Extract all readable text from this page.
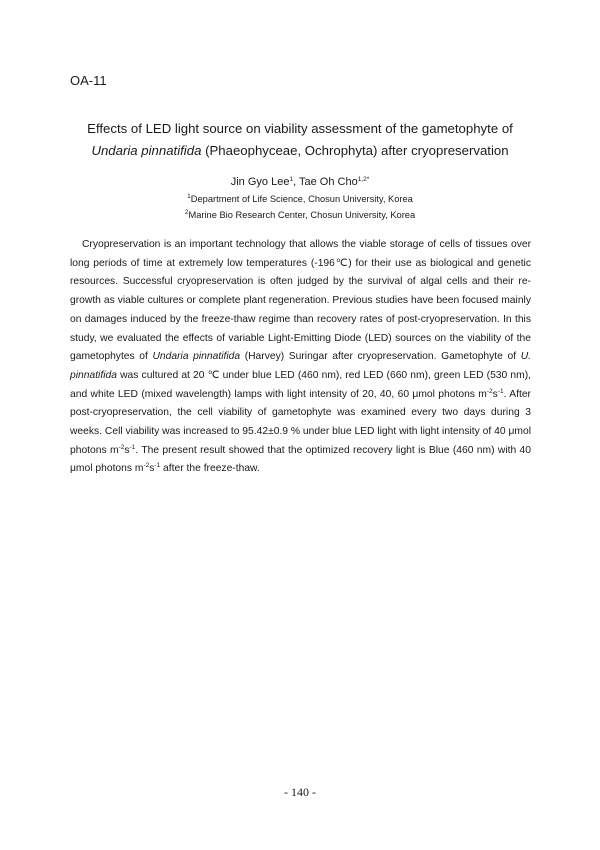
OA-11
Effects of LED light source on viability assessment of the gametophyte of
Undaria pinnatifida (Phaeophyceae, Ochrophyta) after cryopreservation
Jin Gyo Lee$^1$, Tae Oh Cho$^{1,2*}$
$^1$Department of Life Science, Chosun University, Korea
$^2$Marine Bio Research Center, Chosun University, Korea

Cryopreservation is an important technology that allows the viable storage of cells of tissues over long periods of time at extremely low temperatures (-196℃) for their use as biological and genetic resources. Successful cryopreservation is often judged by the survival of algal cells and their re-growth as viable cultures or complete plant regeneration. Previous studies have been focused mainly on damages induced by the freeze-thaw regime than recovery rates of post-cryopreservation. In this study, we evaluated the effects of variable Light-Emitting Diode (LED) sources on the viability of the gametophytes of Undaria pinnatifida (Harvey) Suringar after cryopreservation. Gametophyte of U. pinnatifida was cultured at 20 ℃ under blue LED (460 nm), red LED (660 nm), green LED (530 nm), and white LED (mixed wavelength) lamps with light intensity of 20, 40, 60 μmol photons $m^{-2}s^{-1}$. After post-cryopreservation, the cell viability of gametophyte was examined every two days during 3 weeks. Cell viability was increased to 95.42±0.9 % under blue LED light with light intensity of 40 μmol photons $m^{-2}s^{-1}$. The present result showed that the optimized recovery light is Blue (460 nm) with 40 μmol photons $m^{-2}s^{-1}$ after the freeze-thaw.

- 140 -
